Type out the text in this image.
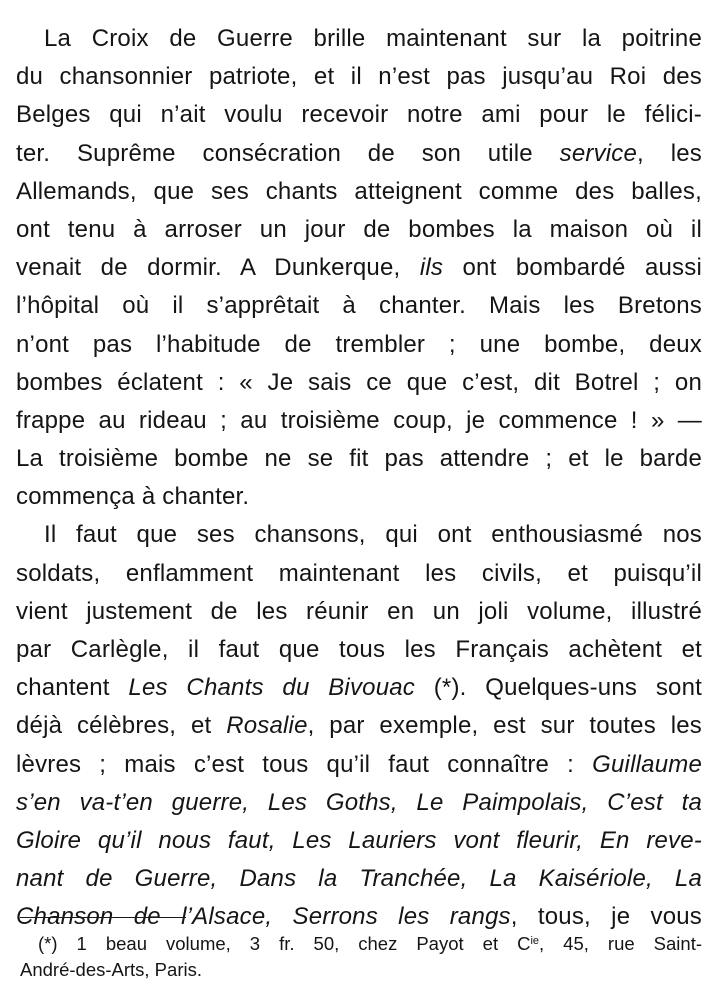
La Croix de Guerre brille maintenant sur la poitrine
du chansonnier patriote, et il n’est pas jusqu’au Roi des
Belges qui n’ait voulu recevoir notre ami pour le félici-
ter. Suprême consécration de son utile service, les
Allemands, que ses chants atteignent comme des balles,
ont tenu à arroser un jour de bombes la maison où il
venait de dormir. A Dunkerque, ils ont bombardé aussi
l’hôpital où il s’apprêtait à chanter. Mais les Bretons
n’ont pas l’habitude de trembler ; une bombe, deux
bombes éclatent : « Je sais ce que c’est, dit Botrel ; on
frappe au rideau ; au troisième coup, je commence ! » —
La troisième bombe ne se fit pas attendre ; et le barde
commença à chanter.
Il faut que ses chansons, qui ont enthousiasmé nos
soldats, enflamment maintenant les civils, et puisqu’il
vient justement de les réunir en un joli volume, illustré
par Carlègle, il faut que tous les Français achètent et
chantent Les Chants du Bivouac (*). Quelques-uns sont
déjà célèbres, et Rosalie, par exemple, est sur toutes les
lèvres ; mais c’est tous qu’il faut connaître : Guillaume
s’en va-t’en guerre, Les Goths, Le Paimpolais, C’est ta
Gloire qu’il nous faut, Les Lauriers vont fleurir, En reve-
nant de Guerre, Dans la Tranchée, La Kaisériole, La
Chanson de l’Alsace, Serrons les rangs, tous, je vous
(*) 1 beau volume, 3 fr. 50, chez Payot et $C^{ie}$, 45, rue Saint-
André-des-Arts, Paris.
